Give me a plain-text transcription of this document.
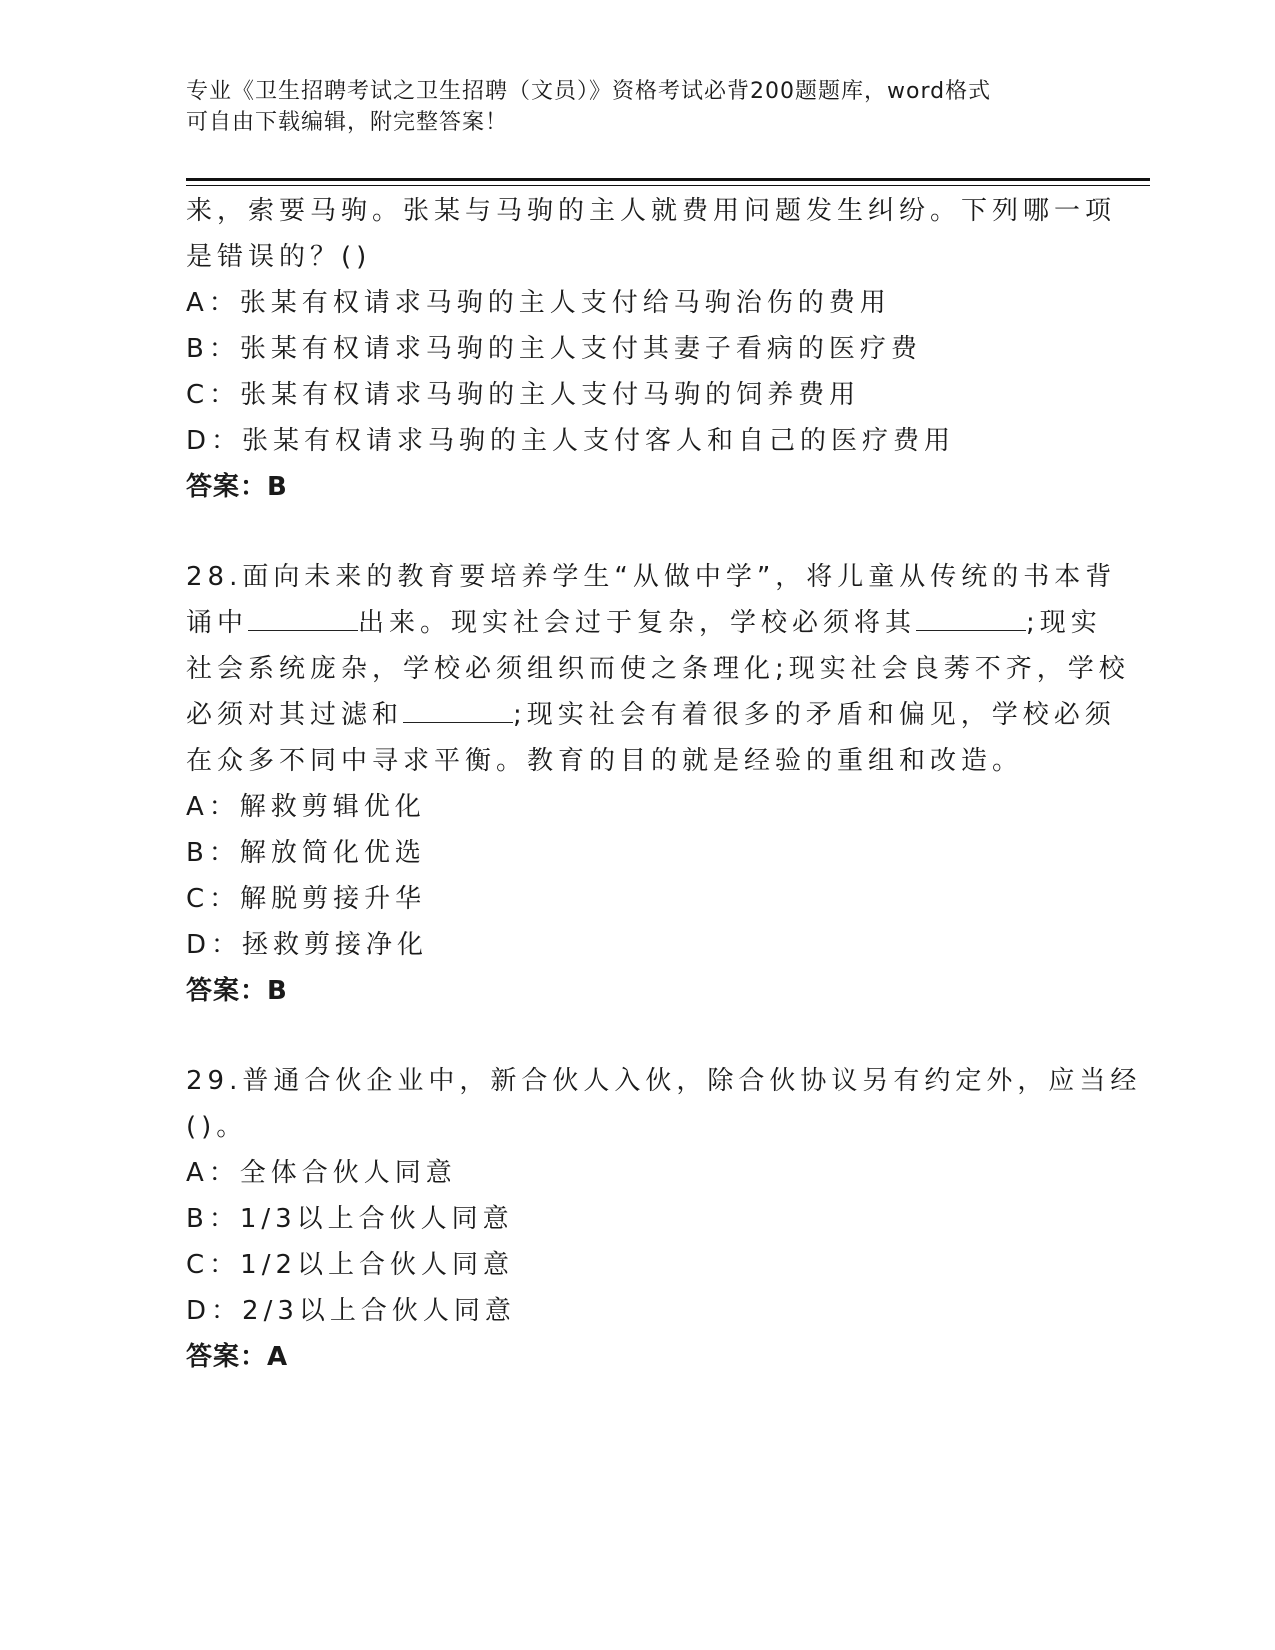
专业《卫生招聘考试之卫生招聘（文员）》资格考试必背200题题库，word格式
可自由下载编辑，附完整答案！
来，索要马驹。张某与马驹的主人就费用问题发生纠纷。下列哪一项
是错误的？()
A：张某有权请求马驹的主人支付给马驹治伤的费用
B：张某有权请求马驹的主人支付其妻子看病的医疗费
C：张某有权请求马驹的主人支付马驹的饲养费用
D：张某有权请求马驹的主人支付客人和自己的医疗费用
答案：B
28.面向未来的教育要培养学生“从做中学”，将儿童从传统的书本背
诵中	出来。现实社会过于复杂，学校必须将其	;现实
社会系统庞杂，学校必须组织而使之条理化;现实社会良莠不齐，学校
必须对其过滤和	;现实社会有着很多的矛盾和偏见，学校必须
在众多不同中寻求平衡。教育的目的就是经验的重组和改造。
A：解救剪辑优化
B：解放简化优选
C：解脱剪接升华
D：拯救剪接净化
答案：B
29.普通合伙企业中，新合伙人入伙，除合伙协议另有约定外，应当经
()。
A：全体合伙人同意
B：1/3以上合伙人同意
C：1/2以上合伙人同意
D：2/3以上合伙人同意
答案：A
